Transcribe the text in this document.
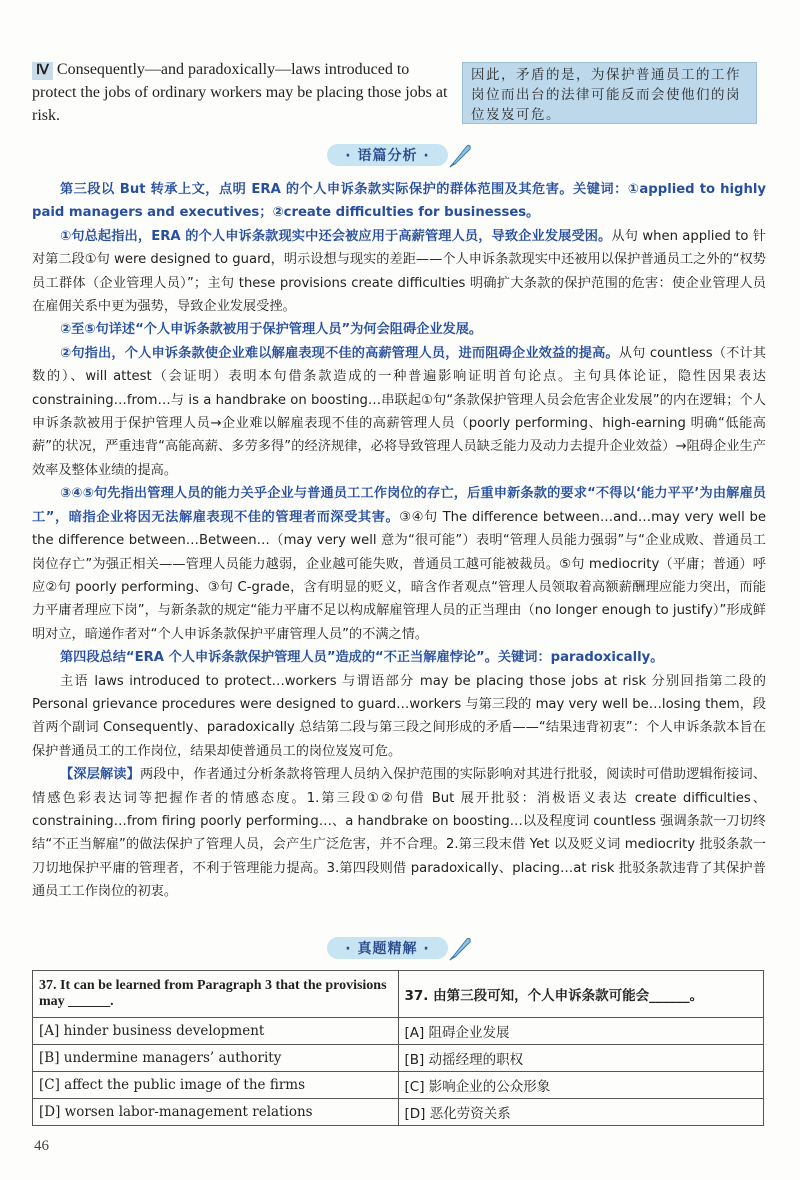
Ⅳ Consequently—and paradoxically—laws introduced to protect the jobs of ordinary workers may be placing those jobs at risk.
因此，矛盾的是，为保护普通员工的工作岗位而出台的法律可能反而会使他们的岗位岌岌可危。
· 语篇分析 ·

第三段以 But 转承上文，点明 ERA 的个人申诉条款实际保护的群体范围及其危害。关键词：①applied to highly paid managers and executives；②create difficulties for businesses。

①句总起指出，ERA 的个人申诉条款现实中还会被应用于高薪管理人员，导致企业发展受困。从句 when applied to 针对第二段①句 were designed to guard，明示设想与现实的差距——个人申诉条款现实中还被用以保护普通员工之外的“权势员工群体（企业管理人员）”；主句 these provisions create difficulties 明确扩大条款的保护范围的危害：使企业管理人员在雇佣关系中更为强势，导致企业发展受挫。

②至⑤句详述“个人申诉条款被用于保护管理人员”为何会阻碍企业发展。

②句指出，个人申诉条款使企业难以解雇表现不佳的高薪管理人员，进而阻碍企业效益的提高。从句 countless（不计其数的）、will attest（会证明）表明本句借条款造成的一种普遍影响证明首句论点。主句具体论证，隐性因果表达 constraining…from…与 is a handbrake on boosting…串联起①句“条款保护管理人员会危害企业发展”的内在逻辑；个人申诉条款被用于保护管理人员→企业难以解雇表现不佳的高薪管理人员（poorly performing、high-earning 明确“低能高薪”的状况，严重违背“高能高薪、多劳多得”的经济规律，必将导致管理人员缺乏能力及动力去提升企业效益）→阻碍企业生产效率及整体业绩的提高。

③④⑤句先指出管理人员的能力关乎企业与普通员工工作岗位的存亡，后重申新条款的要求“不得以‘能力平平’为由解雇员工”，暗指企业将因无法解雇表现不佳的管理者而深受其害。③④句 The difference between…and…may very well be the difference between…Between…（may very well 意为“很可能”）表明“管理人员能力强弱”与“企业成败、普通员工岗位存亡”为强正相关——管理人员能力越弱，企业越可能失败，普通员工越可能被裁员。⑤句 mediocrity（平庸；普通）呼应②句 poorly performing、③句 C-grade，含有明显的贬义，暗含作者观点“管理人员领取着高额薪酬理应能力突出，而能力平庸者理应下岗”，与新条款的规定“能力平庸不足以构成解雇管理人员的正当理由（no longer enough to justify）”形成鲜明对立，暗递作者对“个人申诉条款保护平庸管理人员”的不满之情。

第四段总结“ERA 个人申诉条款保护管理人员”造成的“不正当解雇悖论”。关键词：paradoxically。

主语 laws introduced to protect…workers 与谓语部分 may be placing those jobs at risk 分别回指第二段的 Personal grievance procedures were designed to guard…workers 与第三段的 may very well be…losing them，段首两个副词 Consequently、paradoxically 总结第二段与第三段之间形成的矛盾——“结果违背初衷”：个人申诉条款本旨在保护普通员工的工作岗位，结果却使普通员工的岗位岌岌可危。

【深层解读】两段中，作者通过分析条款将管理人员纳入保护范围的实际影响对其进行批驳，阅读时可借助逻辑衔接词、情感色彩表达词等把握作者的情感态度。1.第三段①②句借 But 展开批驳：消极语义表达 create difficulties、constraining…from firing poorly performing…、a handbrake on boosting…以及程度词 countless 强调条款一刀切终结“不正当解雇”的做法保护了管理人员，会产生广泛危害，并不合理。2.第三段末借 Yet 以及贬义词 mediocrity 批驳条款一刀切地保护平庸的管理者，不利于管理能力提高。3.第四段则借 paradoxically、placing…at risk 批驳条款违背了其保护普通员工工作岗位的初衷。

· 真题精解 ·
37. It can be learned from Paragraph 3 that the provisions may ______.	37. 由第三段可知，个人申诉条款可能会______。
[A] hinder business development	[A] 阻碍企业发展
[B] undermine managers’ authority	[B] 动摇经理的职权
[C] affect the public image of the firms	[C] 影响企业的公众形象
[D] worsen labor-management relations	[D] 恶化劳资关系
46
